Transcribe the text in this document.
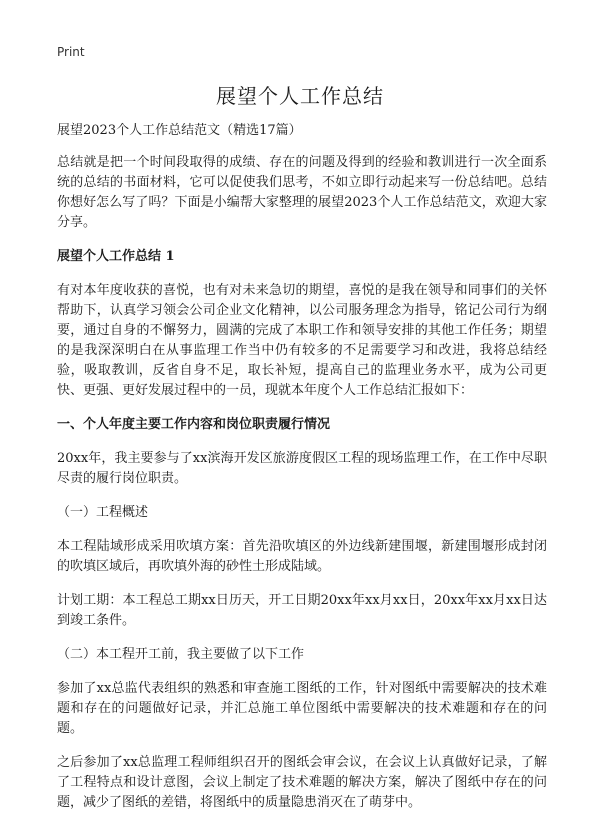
Print
展望个人工作总结

展望2023个人工作总结范文（精选17篇）

总结就是把一个时间段取得的成绩、存在的问题及得到的经验和教训进行一次全面系统的总结的书面材料，它可以促使我们思考，不如立即行动起来写一份总结吧。总结你想好怎么写了吗？下面是小编帮大家整理的展望2023个人工作总结范文，欢迎大家分享。

展望个人工作总结 1

有对本年度收获的喜悦，也有对未来急切的期望，喜悦的是我在领导和同事们的关怀帮助下，认真学习领会公司企业文化精神，以公司服务理念为指导，铭记公司行为纲要，通过自身的不懈努力，圆满的完成了本职工作和领导安排的其他工作任务；期望的是我深深明白在从事监理工作当中仍有较多的不足需要学习和改进，我将总结经验，吸取教训，反省自身不足，取长补短，提高自己的监理业务水平，成为公司更快、更强、更好发展过程中的一员，现就本年度个人工作总结汇报如下：

一、个人年度主要工作内容和岗位职责履行情况

20xx年，我主要参与了xx滨海开发区旅游度假区工程的现场监理工作，在工作中尽职尽责的履行岗位职责。

（一）工程概述

本工程陆域形成采用吹填方案：首先沿吹填区的外边线新建围堰，新建围堰形成封闭的吹填区域后，再吹填外海的砂性土形成陆域。

计划工期：本工程总工期xx日历天，开工日期20xx年xx月xx日，20xx年xx月xx日达到竣工条件。

（二）本工程开工前，我主要做了以下工作

参加了xx总监代表组织的熟悉和审查施工图纸的工作，针对图纸中需要解决的技术难题和存在的问题做好记录，并汇总施工单位图纸中需要解决的技术难题和存在的问题。

之后参加了xx总监理工程师组织召开的图纸会审会议，在会议上认真做好记录，了解了工程特点和设计意图，会议上制定了技术难题的解决方案，解决了图纸中存在的问题，减少了图纸的差错，将图纸中的质量隐患消灭在了萌芽中。
